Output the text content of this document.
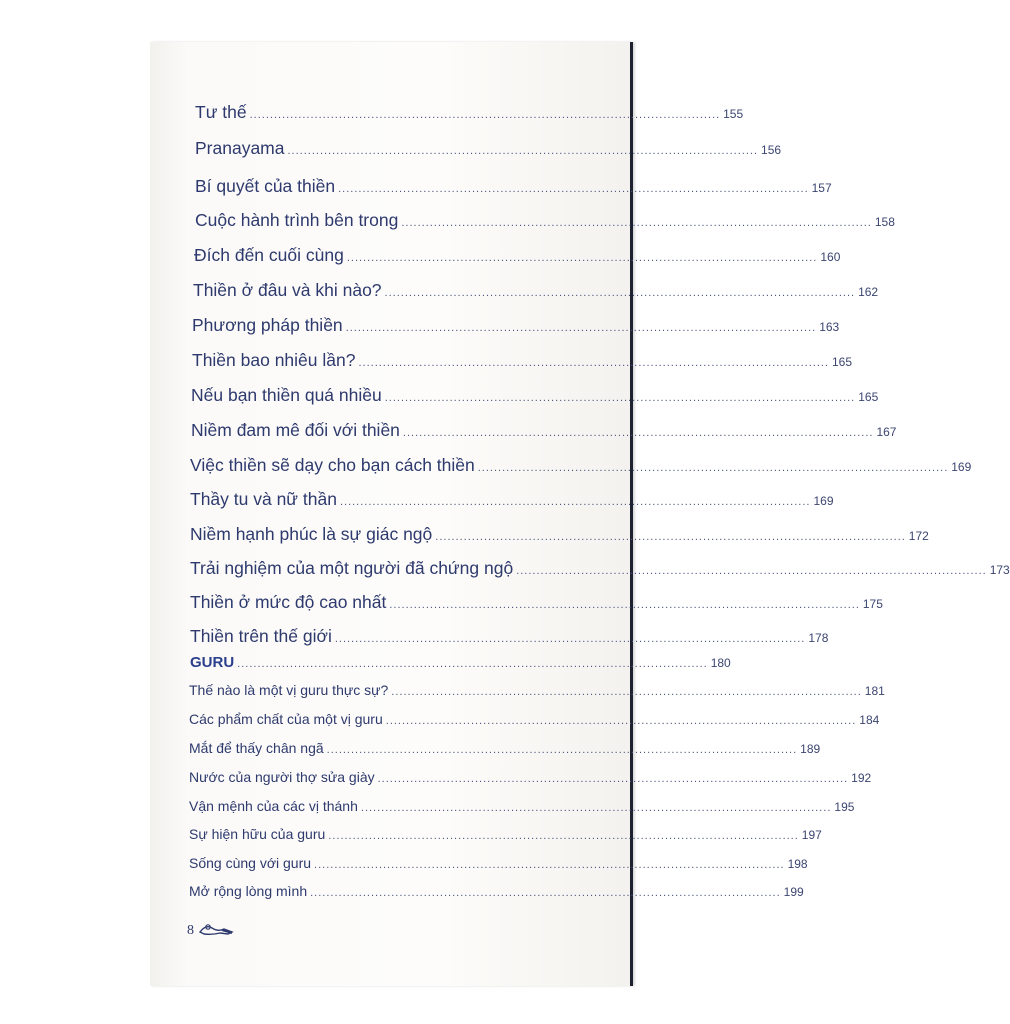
Tư thế .................................................................................................................... 155
Pranayama .................................................................................................................... 156
Bí quyết của thiền .................................................................................................................... 157
Cuộc hành trình bên trong .................................................................................................................... 158
Đích đến cuối cùng .................................................................................................................... 160
Thiền ở đâu và khi nào? .................................................................................................................... 162
Phương pháp thiền .................................................................................................................... 163
Thiền bao nhiêu lần? .................................................................................................................... 165
Nếu bạn thiền quá nhiều .................................................................................................................... 165
Niềm đam mê đối với thiền .................................................................................................................... 167
Việc thiền sẽ dạy cho bạn cách thiền .................................................................................................................... 169
Thầy tu và nữ thần .................................................................................................................... 169
Niềm hạnh phúc là sự giác ngộ .................................................................................................................... 172
Trải nghiệm của một người đã chứng ngộ .................................................................................................................... 173
Thiền ở mức độ cao nhất .................................................................................................................... 175
Thiền trên thế giới .................................................................................................................... 178
GURU .................................................................................................................... 180
Thế nào là một vị guru thực sự? .................................................................................................................... 181
Các phẩm chất của một vị guru .................................................................................................................... 184
Mắt để thấy chân ngã .................................................................................................................... 189
Nước của người thợ sửa giày .................................................................................................................... 192
Vận mệnh của các vị thánh .................................................................................................................... 195
Sự hiện hữu của guru .................................................................................................................... 197
Sống cùng với guru .................................................................................................................... 198
Mở rộng lòng mình .................................................................................................................... 199
8
